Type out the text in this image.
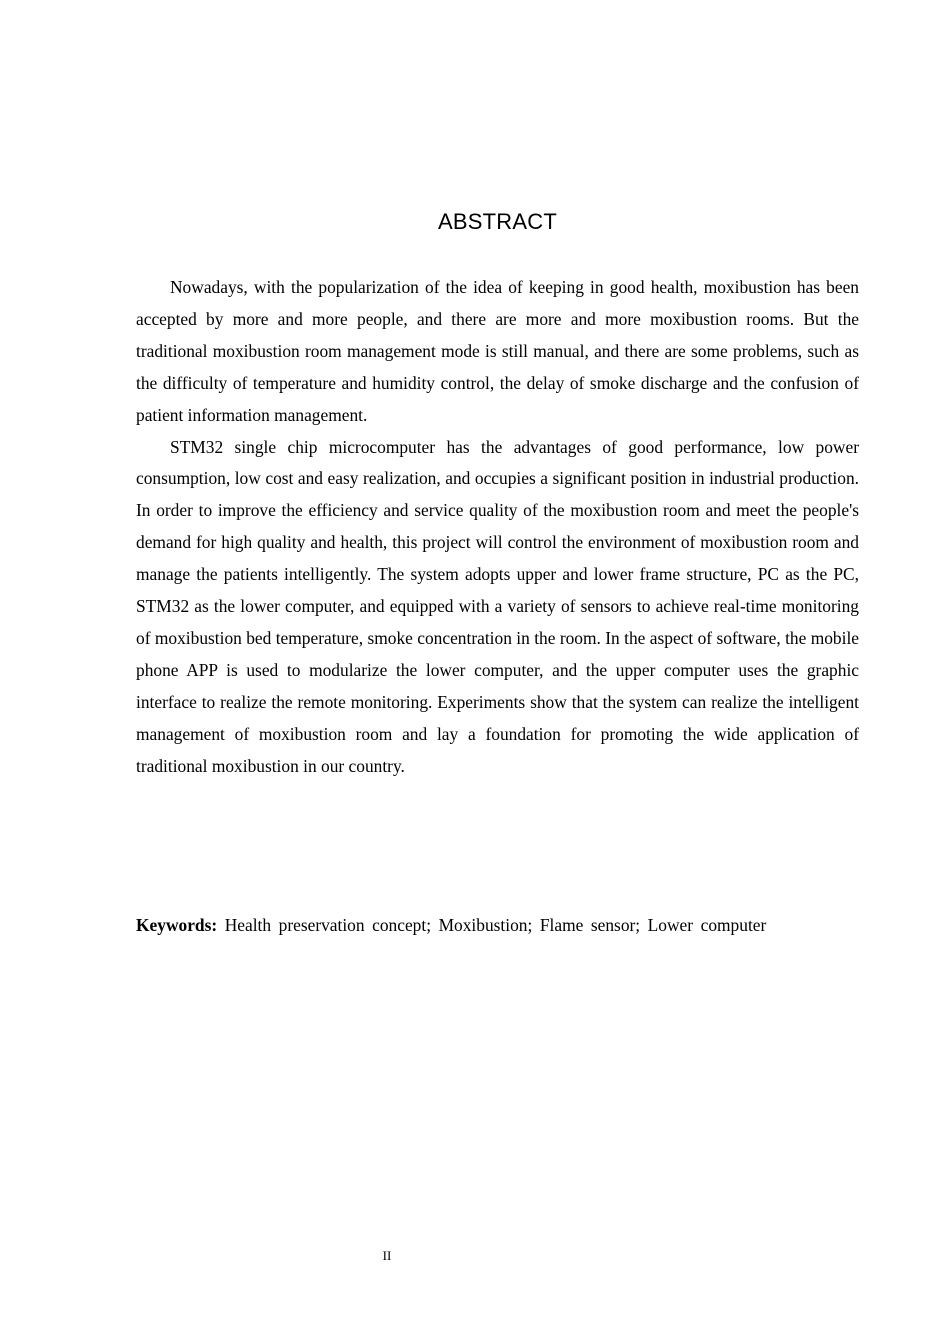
ABSTRACT

Nowadays, with the popularization of the idea of keeping in good health, moxibustion has been accepted by more and more people, and there are more and more moxibustion rooms. But the traditional moxibustion room management mode is still manual, and there are some problems, such as the difficulty of temperature and humidity control, the delay of smoke discharge and the confusion of patient information management.

STM32 single chip microcomputer has the advantages of good performance, low power consumption, low cost and easy realization, and occupies a significant position in industrial production. In order to improve the efficiency and service quality of the moxibustion room and meet the people's demand for high quality and health, this project will control the environment of moxibustion room and manage the patients intelligently. The system adopts upper and lower frame structure, PC as the PC, STM32 as the lower computer, and equipped with a variety of sensors to achieve real-time monitoring of moxibustion bed temperature, smoke concentration in the room. In the aspect of software, the mobile phone APP is used to modularize the lower computer, and the upper computer uses the graphic interface to realize the remote monitoring. Experiments show that the system can realize the intelligent management of moxibustion room and lay a foundation for promoting the wide application of traditional moxibustion in our country.

Keywords: Health preservation concept; Moxibustion; Flame sensor; Lower computer
II
